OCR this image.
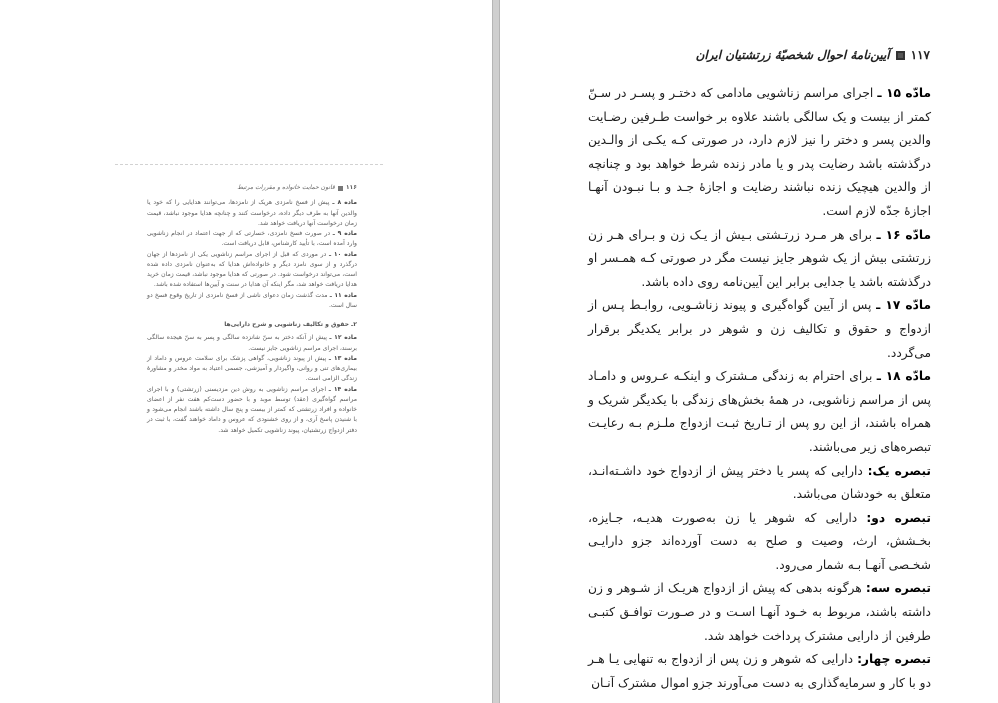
۱۱۶
قانون حمایت خانواده و مقررات مرتبط

ماده ۸ ـ پیش از فسخ نامزدی هریک از نامزدها، می‌توانند هدایایی را که خود یا والدین آنها به طرف دیگر داده، درخواست کنند و چنانچه هدایا موجود نباشد، قیمت زمان درخواست آنها دریافت خواهد شد.

ماده ۹ ـ در صورت فسخ نامزدی، خسارتی که از جهت اعتماد در انجام زناشویی وارد آمده است، با تأیید کارشناس، قابل دریافت است.

ماده ۱۰ ـ در موردی که قبل از اجرای مراسم زناشویی یکی از نامزدها از جهان درگذرد و از سوی نامزد دیگر و خانواده‌اش هدایا که به‌عنوان نامزدی داده شده است، می‌تواند درخواست شود. در صورتی که هدایا موجود نباشد، قیمت زمان خرید هدایا دریافت خواهد شد، مگر اینکه آن هدایا در سنت و آیین‌ها استفاده شده باشد.

ماده ۱۱ ـ مدت گذشت زمان دعوای ناشی از فسخ نامزدی از تاریخ وقوع فسخ دو سال است.

۲ـ حقوق و تکالیف زناشویی و شرح دارایی‌ها

ماده ۱۲ ـ پیش از آنکه دختر به سنّ شانزده سالگی و پسر به سنّ هیجده سالگی برسند، اجرای مراسم زناشویی جایز نیست.

ماده ۱۳ ـ پیش از پیوند زناشویی، گواهی پزشک برای سلامت عروس و داماد از بیماری‌های تنی و روانی، واگیردار و آمیزشی، جسمی اعتیاد به مواد مخدر و مشاورهٔ زندگی الزامی است.

ماده ۱۴ ـ اجرای مراسم زناشویی به روش دین مزدیسنی (زرتشتی) و با اجرای مراسم گواه‌گیری (عقد) توسط موبد و با حضور دست‌کم هفت نفر از اعضای خانواده و افراد زرتشتی که کمتر از بیست و پنج سال داشته باشند انجام می‌شود و با شنیدن پاسخ آری، و از روی خشنودی که عروس و داماد خواهند گفت، با ثبت در دفتر ازدواج زرتشتیان، پیوند زناشویی تکمیل خواهد شد.

۱۱۷
آیین‌نامهٔ احوال شخصیّهٔ زرتشتیان ایران

مادّه ۱۵ ـ اجرای مراسم زناشویی مادامی که دختـر و پسـر در سـنّ کمتر از بیست و یک سالگی باشند علاوه بر خواست طـرفین رضـایت والدین پسر و دختر را نیز لازم دارد، در صورتی کـه یکـی از والـدین درگذشته باشد رضایت پدر و یا مادر زنده شرط خواهد بود و چنانچه از والدین هیچیک زنده نباشند رضایت و اجازهٔ جـد و بـا نبـودن آنهـا اجازهٔ جدّه لازم است.

مادّه ۱۶ ـ برای هر مـرد زرتـشتی بـیش از یـک زن و بـرای هـر زن زرتشتی بیش از یک شوهر جایز نیست مگر در صورتی کـه همـسر او درگذشته باشد یا جدایی برابر این آیین‌نامه روی داده باشد.

مادّه ۱۷ ـ پس از آیین گواه‌گیری و پیوند زناشـویی، روابـط پـس از ازدواج و حقوق و تکالیف زن و شوهر در برابر یکدیگر برقرار می‌گردد.

مادّه ۱۸ ـ برای احترام به زندگی مـشترک و اینکـه عـروس و دامـاد پس از مراسم زناشویی، در همهٔ بخش‌های زندگی با یکدیگر شریک و همراه باشند، از این رو پس از تـاریخ ثبـت ازدواج ملـزم بـه رعایـت تبصره‌های زیر می‌باشند.

تبصره یک: دارایی که پسر یا دختر پیش از ازدواج خود داشـته‌انـد، متعلق به خودشان می‌باشد.

تبصره دو: دارایی که شوهر یا زن به‌صورت هدیـه، جـایزه، بخـشش، ارث، وصیت و صلح به دست آورده‌اند جزو دارایـی شخـصی آنهـا بـه شمار می‌رود.

تبصره سه: هرگونه بدهی که پیش از ازدواج هریـک از شـوهر و زن داشته باشند، مربوط به خـود آنهـا اسـت و در صـورت توافـق کتبـی طرفین از دارایی مشترک پرداخت خواهد شد.

تبصره چهار: دارایی که شوهر و زن پس از ازدواج به تنهایی یـا هـر دو با کار و سرمایه‌گذاری به دست می‌آورند جزو اموال مشترک آنـان
